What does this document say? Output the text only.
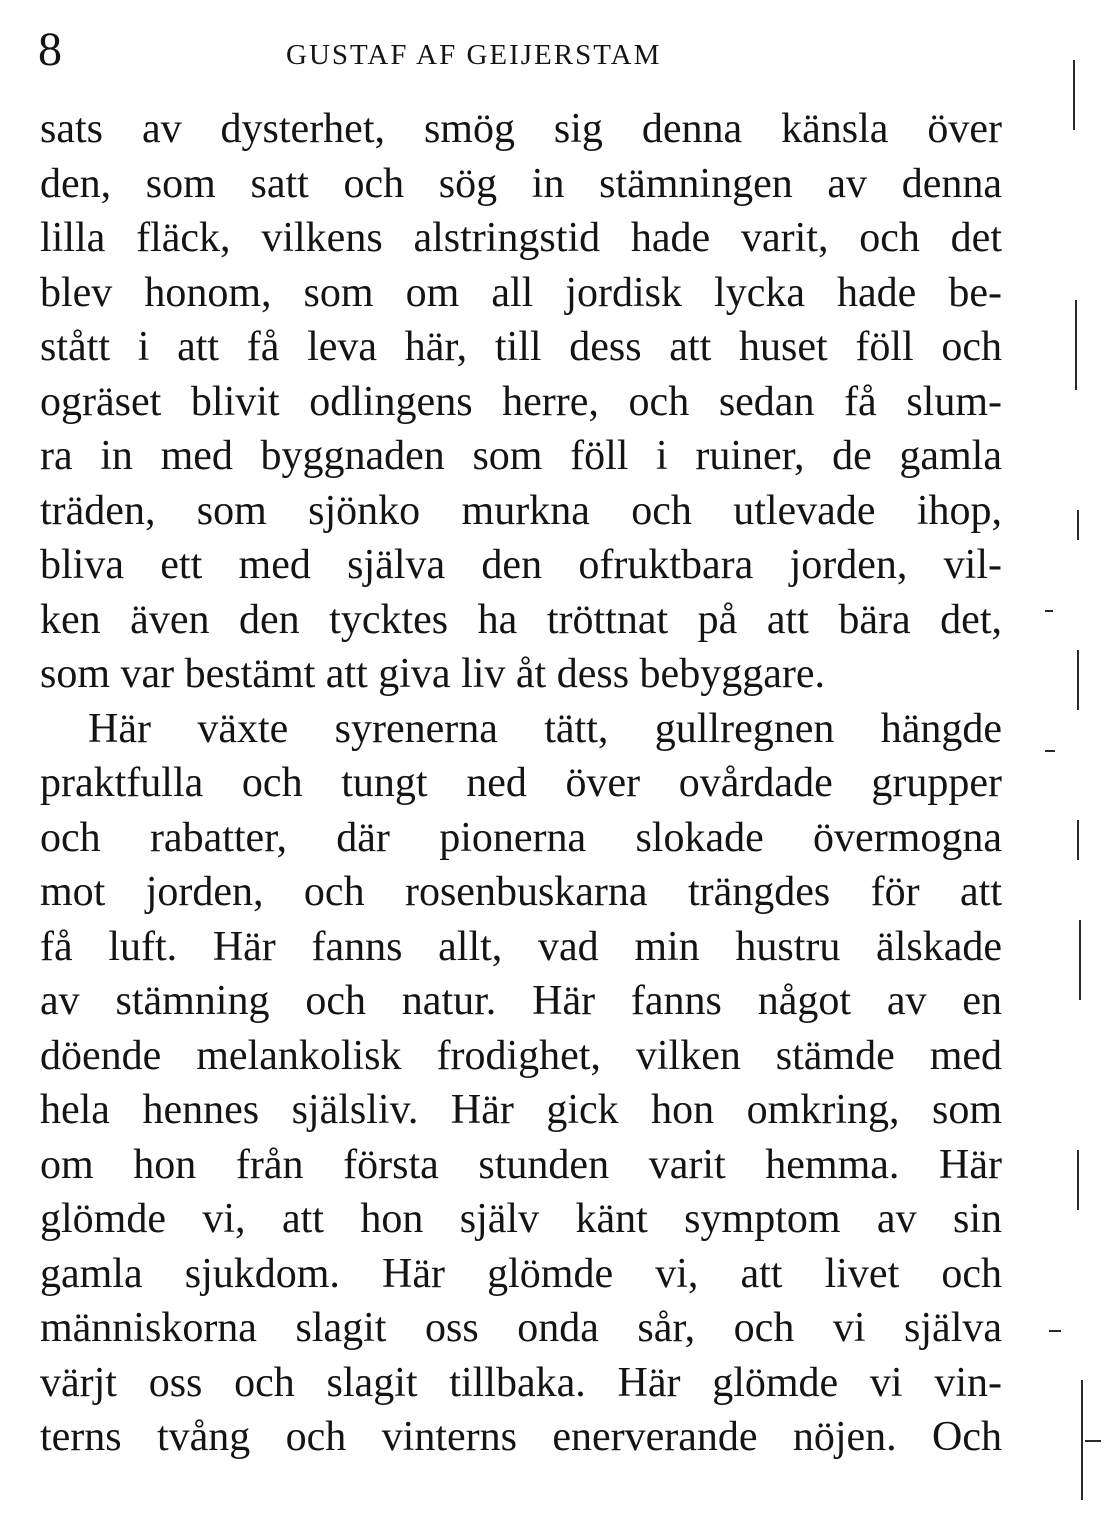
8	GUSTAF AF GEIJERSTAM
sats av dysterhet, smög sig denna känsla över
den, som satt och sög in stämningen av denna
lilla fläck, vilkens alstringstid hade varit, och det
blev honom, som om all jordisk lycka hade be-
stått i att få leva här, till dess att huset föll och
ogräset blivit odlingens herre, och sedan få slum-
ra in med byggnaden som föll i ruiner, de gamla
träden, som sjönko murkna och utlevade ihop,
bliva ett med själva den ofruktbara jorden, vil-
ken även den tycktes ha tröttnat på att bära det,
som var bestämt att giva liv åt dess bebyggare.
Här växte syrenerna tätt, gullregnen hängde
praktfulla och tungt ned över ovårdade grupper
och rabatter, där pionerna slokade övermogna
mot jorden, och rosenbuskarna trängdes för att
få luft. Här fanns allt, vad min hustru älskade
av stämning och natur. Här fanns något av en
döende melankolisk frodighet, vilken stämde med
hela hennes själsliv. Här gick hon omkring, som
om hon från första stunden varit hemma. Här
glömde vi, att hon själv känt symptom av sin
gamla sjukdom. Här glömde vi, att livet och
människorna slagit oss onda sår, och vi själva
värjt oss och slagit tillbaka. Här glömde vi vin-
terns tvång och vinterns enerverande nöjen. Och
